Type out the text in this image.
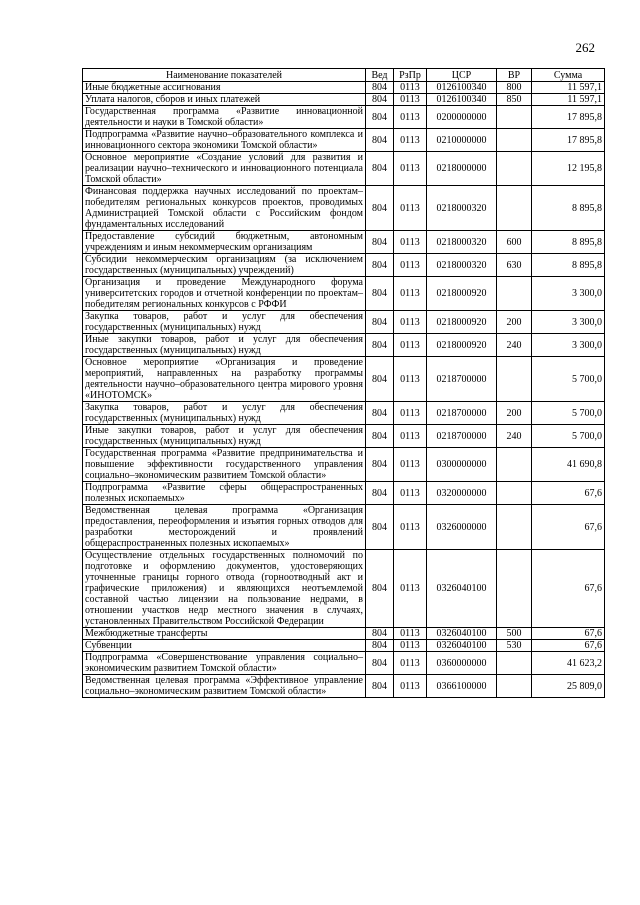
262
Наименование показателей	Вед	РзПр	ЦСР	ВР	Сумма
Иные бюджетные ассигнования	804	0113	0126100340	800	11 597,1
Уплата налогов, сборов и иных платежей	804	0113	0126100340	850	11 597,1
Государственная программа «Развитие инновационной деятельности и науки в Томской области»	804	0113	0200000000		17 895,8
Подпрограмма «Развитие научно–образовательного комплекса и инновационного сектора экономики Томской области»	804	0113	0210000000		17 895,8
Основное мероприятие «Создание условий для развития и реализации научно–технического и инновационного потенциала Томской области»	804	0113	0218000000		12 195,8
Финансовая поддержка научных исследований по проектам–победителям региональных конкурсов проектов, проводимых Администрацией Томской области с Российским фондом фундаментальных исследований	804	0113	0218000320		8 895,8
Предоставление субсидий бюджетным, автономным учреждениям и иным некоммерческим организациям	804	0113	0218000320	600	8 895,8
Субсидии некоммерческим организациям (за исключением государственных (муниципальных) учреждений)	804	0113	0218000320	630	8 895,8
Организация и проведение Международного форума университетских городов и отчетной конференции по проектам–победителям региональных конкурсов с РФФИ	804	0113	0218000920		3 300,0
Закупка товаров, работ и услуг для обеспечения государственных (муниципальных) нужд	804	0113	0218000920	200	3 300,0
Иные закупки товаров, работ и услуг для обеспечения государственных (муниципальных) нужд	804	0113	0218000920	240	3 300,0
Основное мероприятие «Организация и проведение мероприятий, направленных на разработку программы деятельности научно–образовательного центра мирового уровня «ИНОТОМСК»	804	0113	0218700000		5 700,0
Закупка товаров, работ и услуг для обеспечения государственных (муниципальных) нужд	804	0113	0218700000	200	5 700,0
Иные закупки товаров, работ и услуг для обеспечения государственных (муниципальных) нужд	804	0113	0218700000	240	5 700,0
Государственная программа «Развитие предпринимательства и повышение эффективности государственного управления социально–экономическим развитием Томской области»	804	0113	0300000000		41 690,8
Подпрограмма «Развитие сферы общераспространенных полезных ископаемых»	804	0113	0320000000		67,6
Ведомственная целевая программа «Организация предоставления, переоформления и изъятия горных отводов для разработки месторождений и проявлений общераспространенных полезных ископаемых»	804	0113	0326000000		67,6
Осуществление отдельных государственных полномочий по подготовке и оформлению документов, удостоверяющих уточненные границы горного отвода (горноотводный акт и графические приложения) и являющихся неотъемлемой составной частью лицензии на пользование недрами, в отношении участков недр местного значения в случаях, установленных Правительством Российской Федерации	804	0113	0326040100		67,6
Межбюджетные трансферты	804	0113	0326040100	500	67,6
Субвенции	804	0113	0326040100	530	67,6
Подпрограмма «Совершенствование управления социально–экономическим развитием Томской области»	804	0113	0360000000		41 623,2
Ведомственная целевая программа «Эффективное управление социально–экономическим развитием Томской области»	804	0113	0366100000		25 809,0
